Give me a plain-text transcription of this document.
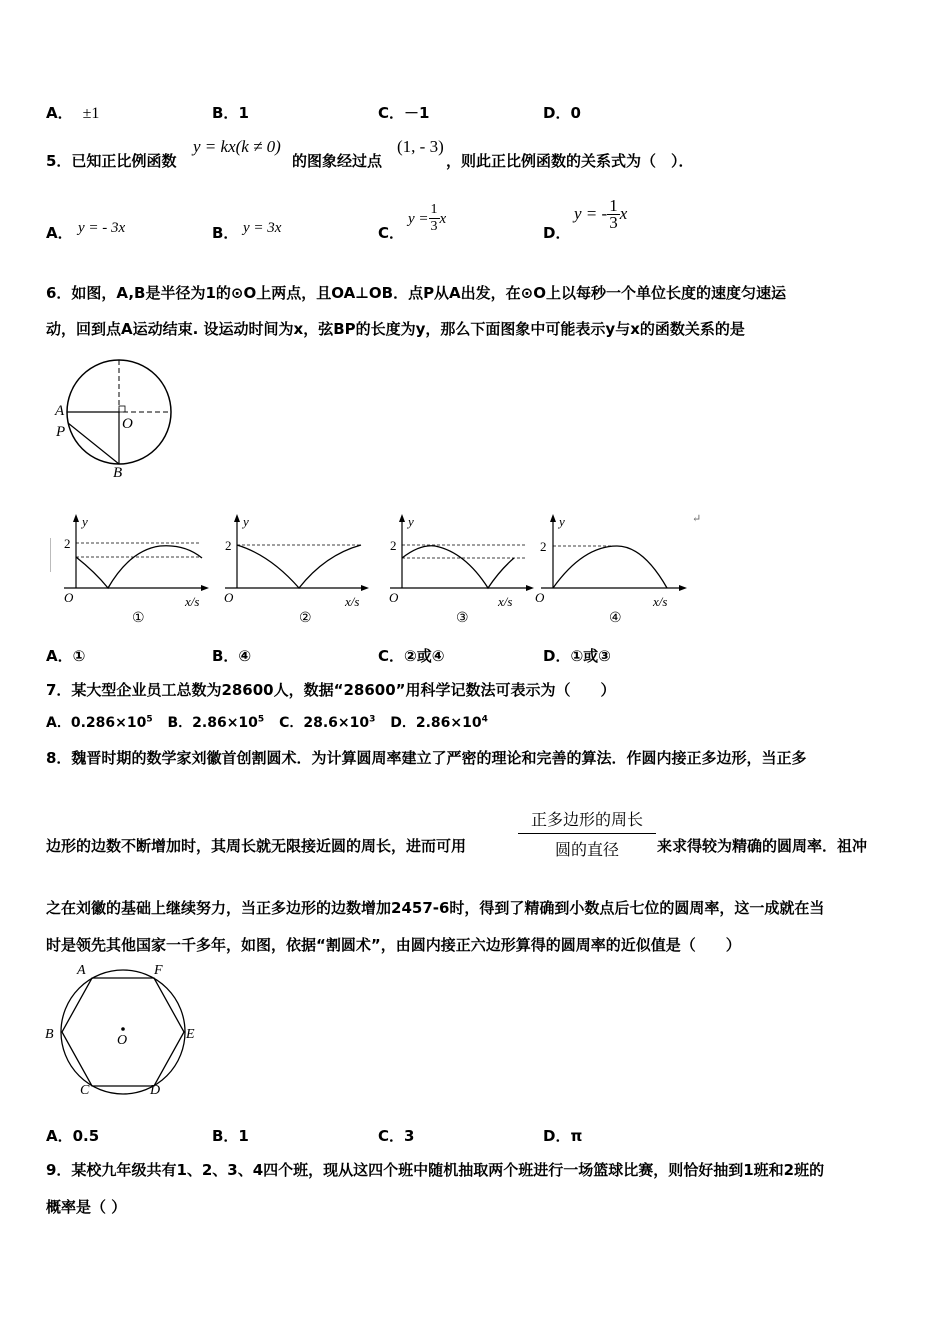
A． ±1	B．1	C．－1	D．0
5．已知正比例函数
y = kx(k ≠ 0)
的图象经过点
(1, - 3)
，则此正比例函数的关系式为（　）．
A． y = - 3x	B． y = 3x	C．
$y = \frac{1}{3}$ x
D．
y = - $\frac{1}{3}$ x
6．如图，A,B是半径为1的⊙O上两点，且OA⊥OB．点P从A出发，在⊙O上以每秒一个单位长度的速度匀速运
动，回到点A运动结束. 设运动时间为x，弦BP的长度为y，那么下面图象中可能表示y与x的函数关系的是
A
P	O
B
y
2
O	x/s
①
y
2
O	x/s
②
y
2
O	x/s
③
y
2
O	x/s
④
↵
A．①	B．④	C．②或④	D．①或③
7．某大型企业员工总数为28600人，数据“28600”用科学记数法可表示为（　　）
A．$0.286\times 10^5$ B．$2.86\times 10^5$ C．$28.6\times 10^3$ D．$2.86\times 10^4$
8．魏晋时期的数学家刘徽首创割圆术．为计算圆周率建立了严密的理论和完善的算法．作圆内接正多边形，当正多
边形的边数不断增加时，其周长就无限接近圆的周长，进而可用
正多边形的周长
圆的直径	来求得较为精确的圆周率．祖冲
之在刘徽的基础上继续努力，当正多边形的边数增加2457-6时，得到了精确到小数点后七位的圆周率，这一成就在当
时是领先其他国家一千多年，如图，依据“割圆术”，由圆内接正六边形算得的圆周率的近似值是（　　）
A	F
B	E
O
C	D
A．0.5	B．1	C．3	D．π
9．某校九年级共有1、2、3、4四个班，现从这四个班中随机抽取两个班进行一场篮球比赛，则恰好抽到1班和2班的
概率是（ ）
